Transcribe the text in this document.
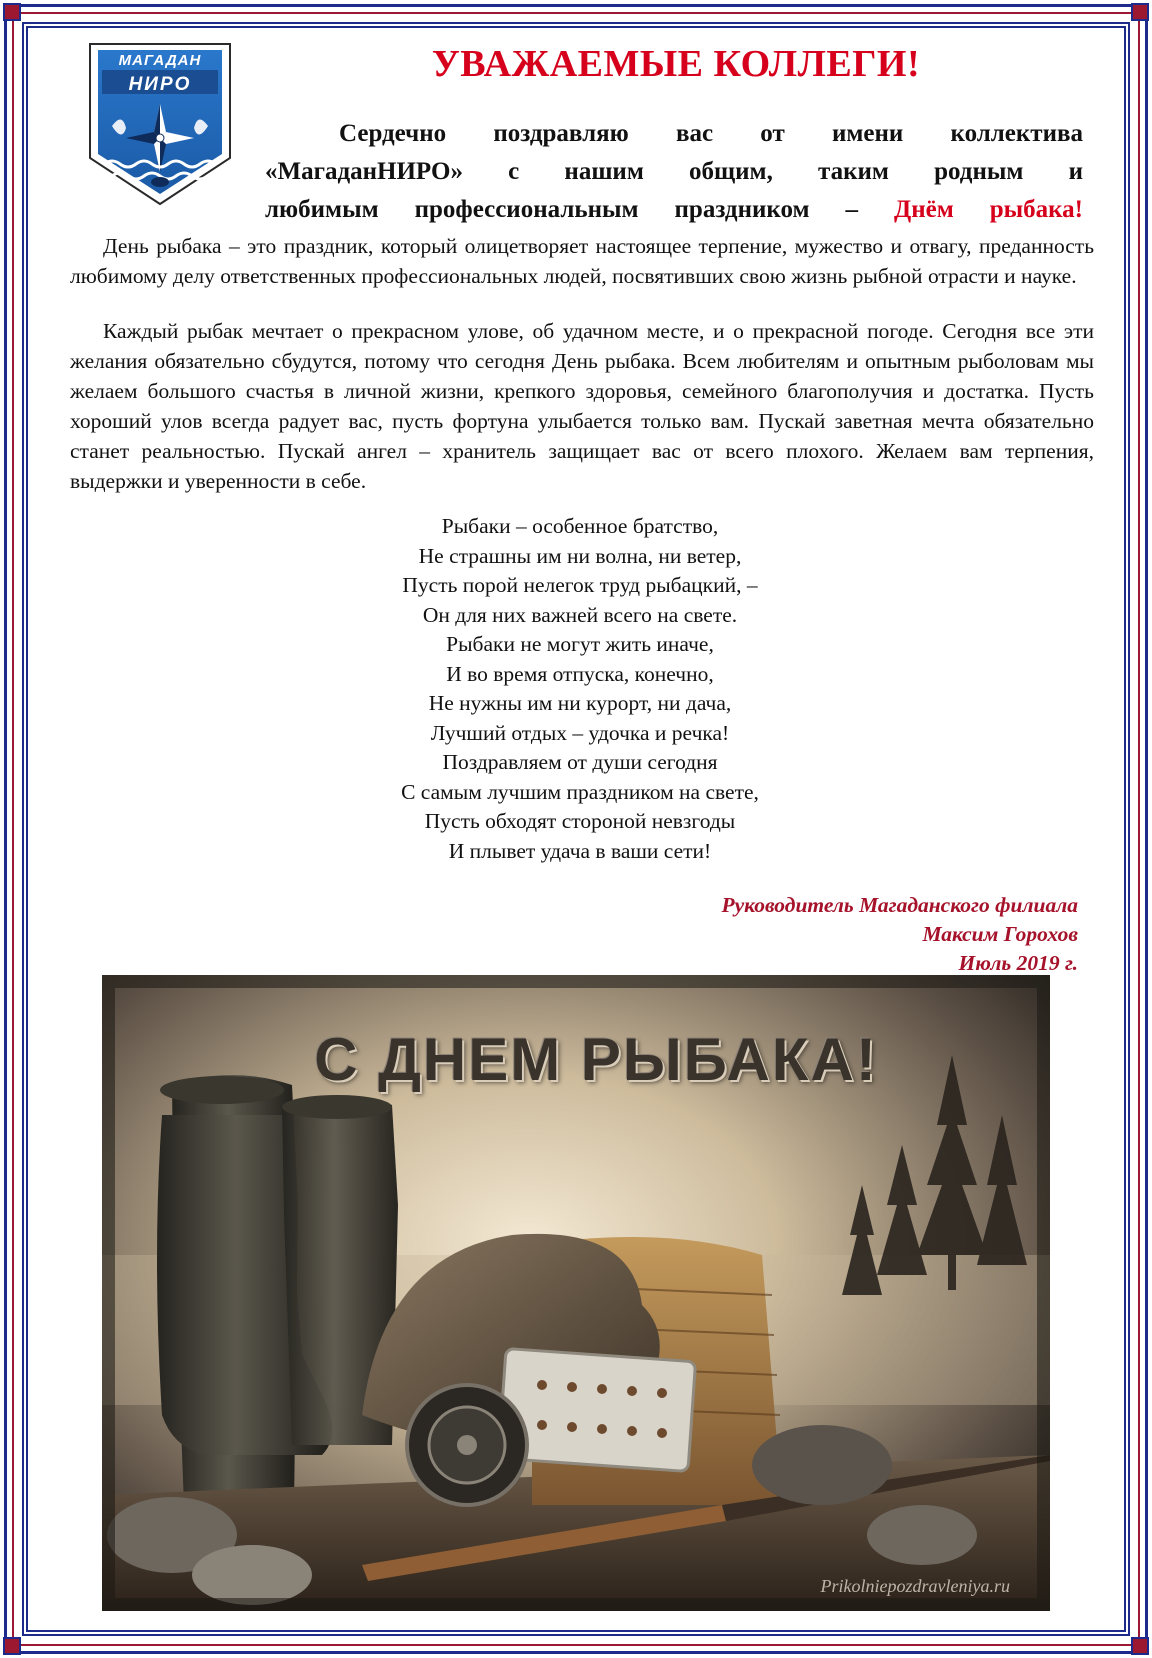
МАГАДАН
НИРО	УВАЖАЕМЫЕ КОЛЛЕГИ!
Сердечно поздравляю вас от имени коллектива
«МагаданНИРО» с нашим общим, таким родным и
любимым профессиональным праздником – Днём рыбака!
День рыбака – это праздник, который олицетворяет настоящее терпение, мужество и отвагу, преданность любимому делу ответственных профессиональных людей, посвятивших свою жизнь рыбной отрасти и науке.
Каждый рыбак мечтает о прекрасном улове, об удачном месте, и о прекрасной погоде. Сегодня все эти желания обязательно сбудутся, потому что сегодня День рыбака. Всем любителям и опытным рыболовам мы желаем большого счастья в личной жизни, крепкого здоровья, семейного благополучия и достатка. Пусть хороший улов всегда радует вас, пусть фортуна улыбается только вам. Пускай заветная мечта обязательно станет реальностью. Пускай ангел – хранитель защищает вас от всего плохого. Желаем вам терпения, выдержки и уверенности в себе.
Рыбаки – особенное братство,
Не страшны им ни волна, ни ветер,
Пусть порой нелегок труд рыбацкий, –
Он для них важней всего на свете.
Рыбаки не могут жить иначе,
И во время отпуска, конечно,
Не нужны им ни курорт, ни дача,
Лучший отдых – удочка и речка!
Поздравляем от души сегодня
С самым лучшим праздником на свете,
Пусть обходят стороной невзгоды
И плывет удача в ваши сети!
Руководитель Магаданского филиала
Максим Горохов
Июль 2019 г.
С ДНЕМ РЫБАКА!
Prikolniepozdravleniya.ru
